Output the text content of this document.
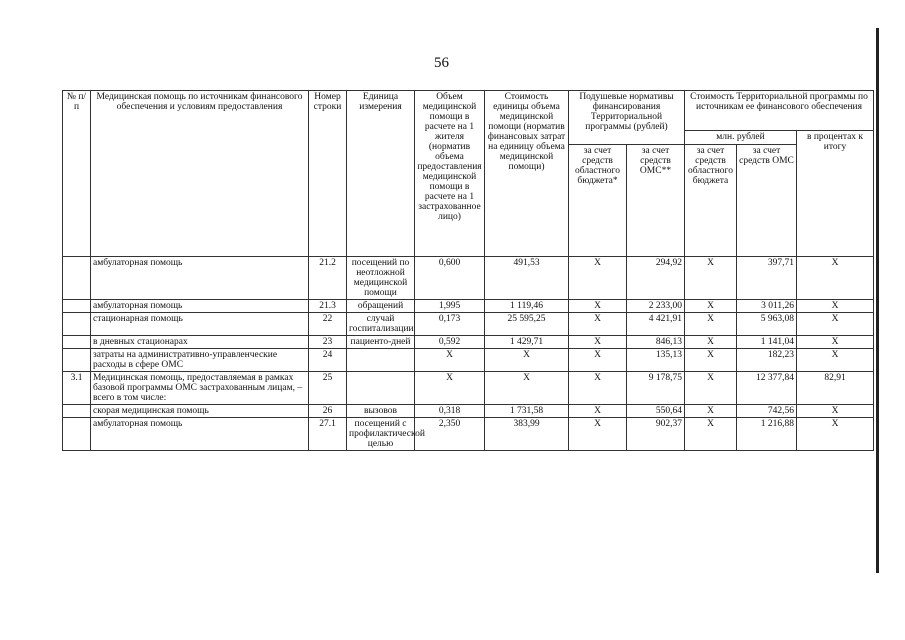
56
№ п/п	Медицинская помощь по источникам финансового обеспечения и условиям предоставления	Номер строки	Единица измерения	Объем медицинской помощи в расчете на 1 жителя (норматив объема предоставления медицинской помощи в расчете на 1 застрахованное лицо)	Стоимость единицы объема медицинской помощи (норматив финансовых затрат на единицу объема медицинской помощи)	Подушевые нормативы финансирования Территориальной программы (рублей)		Стоимость Территориальной программы по источникам ее финансового обеспечения		
								млн. рублей		в процентах к итогу
						за счет средств областного бюджета*	за счет средств ОМС**	за счет средств областного бюджета	за счет средств ОМС	
	амбулаторная помощь	21.2	посещений по неотложной медицинской помощи	0,600	491,53	Х	294,92	Х	397,71	Х
	амбулаторная помощь	21.3	обращений	1,995	1 119,46	Х	2 233,00	Х	3 011,26	Х
	стационарная помощь	22	случай госпитализации	0,173	25 595,25	Х	4 421,91	Х	5 963,08	Х
	в дневных стационарах	23	пациенто-дней	0,592	1 429,71	Х	846,13	Х	1 141,04	Х
	затраты на административно-управленческие расходы в сфере ОМС	24		Х	Х	Х	135,13	Х	182,23	Х
3.1	Медицинская помощь, предоставляемая в рамках базовой программы ОМС застрахованным лицам, – всего в том числе:	25		Х	Х	Х	9 178,75	Х	12 377,84	82,91
	скорая медицинская помощь	26	вызовов	0,318	1 731,58	Х	550,64	Х	742,56	Х
	амбулаторная помощь	27.1	посещений с профилактической целью	2,350	383,99	Х	902,37	Х	1 216,88	Х
